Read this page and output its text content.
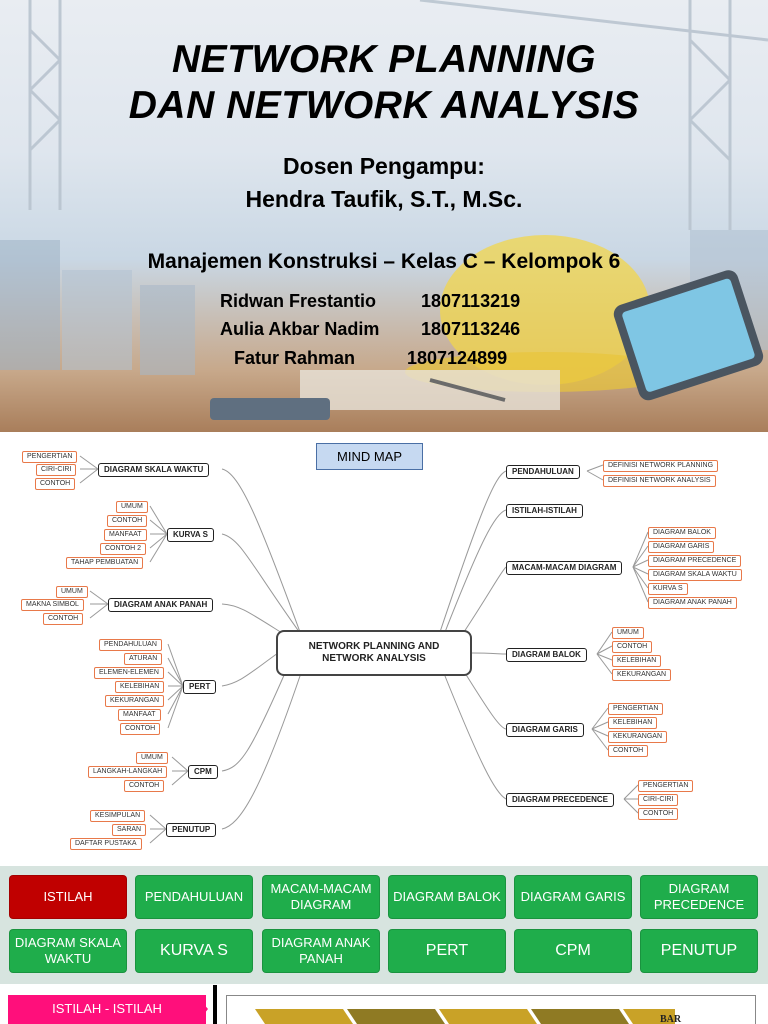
NETWORK PLANNING
DAN NETWORK ANALYSIS
Dosen Pengampu:
Hendra Taufik, S.T., M.Sc.
Manajemen Konstruksi – Kelas C – Kelompok 6
Ridwan Frestantio 1807113219
Aulia Akbar Nadim 1807113246
Fatur Rahman	1807124899
MIND MAP
NETWORK PLANNING AND NETWORK ANALYSIS
DIAGRAM SKALA WAKTU
PENGERTIAN
CIRI-CIRI
CONTOH
KURVA S
UMUM
CONTOH
MANFAAT
CONTOH 2
TAHAP PEMBUATAN
DIAGRAM ANAK PANAH
UMUM
MAKNA SIMBOL
CONTOH
PERT
PENDAHULUAN
ATURAN
ELEMEN-ELEMEN
KELEBIHAN
KEKURANGAN
MANFAAT
CONTOH
CPM
UMUM
LANGKAH-LANGKAH
CONTOH
PENUTUP
KESIMPULAN
SARAN
DAFTAR PUSTAKA
PENDAHULUAN
DEFINISI NETWORK PLANNING
DEFINISI NETWORK ANALYSIS
ISTILAH-ISTILAH
MACAM-MACAM DIAGRAM
DIAGRAM BALOK
DIAGRAM GARIS
DIAGRAM PRECEDENCE
DIAGRAM SKALA WAKTU
KURVA S
DIAGRAM ANAK PANAH
DIAGRAM BALOK
UMUM
CONTOH
KELEBIHAN
KEKURANGAN
DIAGRAM GARIS
PENGERTIAN
KELEBIHAN
KEKURANGAN
CONTOH
DIAGRAM PRECEDENCE
PENGERTIAN
CIRI-CIRI
CONTOH
ISTILAH	PENDAHULUAN
MACAM-MACAM DIAGRAM
DIAGRAM BALOK	DIAGRAM GARIS
DIAGRAM PRECEDENCE
DIAGRAM SKALA WAKTU	KURVA S	DIAGRAM ANAK PANAH	PERT	CPM	PENUTUP
ISTILAH - ISTILAH
BAR
